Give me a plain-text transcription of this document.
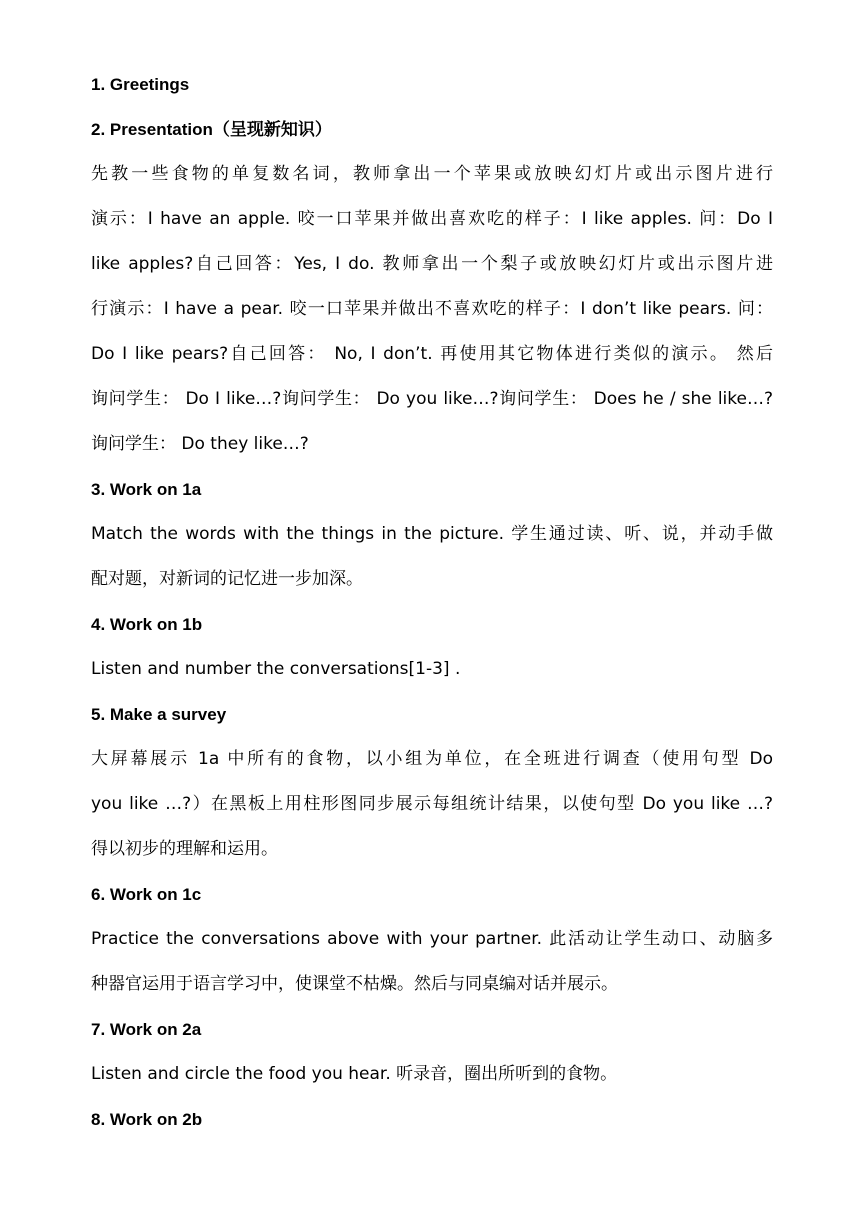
1. Greetings
2. Presentation（呈现新知识）
先教一些食物的单复数名词，教师拿出一个苹果或放映幻灯片或出示图片进行
演示：I have an apple. 咬一口苹果并做出喜欢吃的样子：I like apples. 问：Do I
like apples?自己回答：Yes, I do. 教师拿出一个梨子或放映幻灯片或出示图片进
行演示：I have a pear. 咬一口苹果并做出不喜欢吃的样子：I don’t like pears. 问：
Do I like pears?自己回答： No, I don’t. 再使用其它物体进行类似的演示。 然后
询问学生： Do I like…?询问学生： Do you like…?询问学生： Does he / she like…?
询问学生： Do they like…?
3. Work on 1a
Match the words with the things in the picture. 学生通过读、听、说，并动手做
配对题，对新词的记忆进一步加深。
4. Work on 1b
Listen and number the conversations[1-3] .
5. Make a survey
大屏幕展示 1a 中所有的食物，以小组为单位，在全班进行调查（使用句型 Do
you like …?）在黑板上用柱形图同步展示每组统计结果，以使句型 Do you like …?
得以初步的理解和运用。
6. Work on 1c
Practice the conversations above with your partner. 此活动让学生动口、动脑多
种器官运用于语言学习中，使课堂不枯燥。然后与同桌编对话并展示。
7. Work on 2a
Listen and circle the food you hear. 听录音，圈出所听到的食物。
8. Work on 2b
